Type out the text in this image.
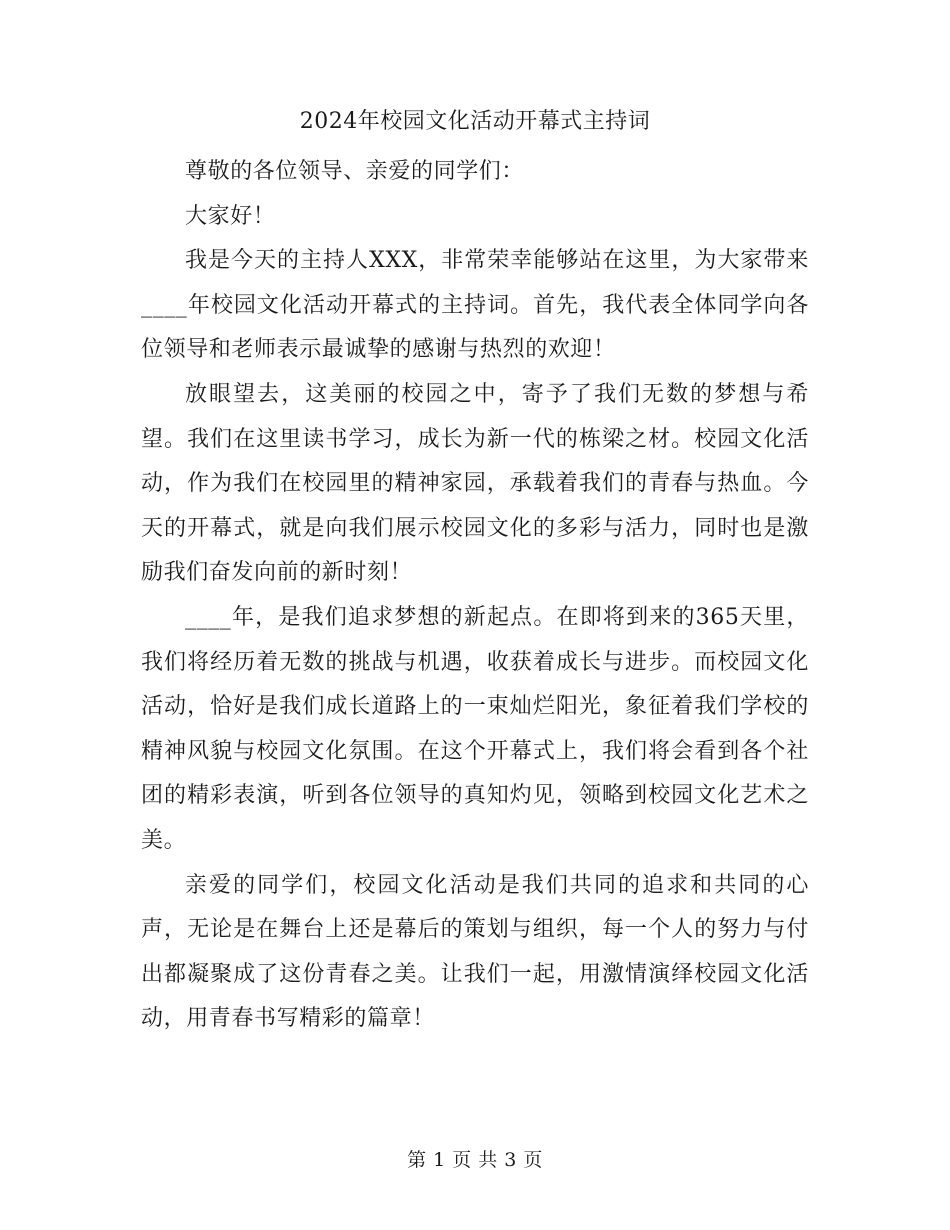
2024年校园文化活动开幕式主持词

尊敬的各位领导、亲爱的同学们：

大家好！

我是今天的主持人XXX，非常荣幸能够站在这里，为大家带来____年校园文化活动开幕式的主持词。首先，我代表全体同学向各位领导和老师表示最诚挚的感谢与热烈的欢迎！

放眼望去，这美丽的校园之中，寄予了我们无数的梦想与希望。我们在这里读书学习，成长为新一代的栋梁之材。校园文化活动，作为我们在校园里的精神家园，承载着我们的青春与热血。今天的开幕式，就是向我们展示校园文化的多彩与活力，同时也是激励我们奋发向前的新时刻！

____年，是我们追求梦想的新起点。在即将到来的365天里，我们将经历着无数的挑战与机遇，收获着成长与进步。而校园文化活动，恰好是我们成长道路上的一束灿烂阳光，象征着我们学校的精神风貌与校园文化氛围。在这个开幕式上，我们将会看到各个社团的精彩表演，听到各位领导的真知灼见，领略到校园文化艺术之美。

亲爱的同学们，校园文化活动是我们共同的追求和共同的心声，无论是在舞台上还是幕后的策划与组织，每一个人的努力与付出都凝聚成了这份青春之美。让我们一起，用激情演绎校园文化活动，用青春书写精彩的篇章！

第 1 页 共 3 页
